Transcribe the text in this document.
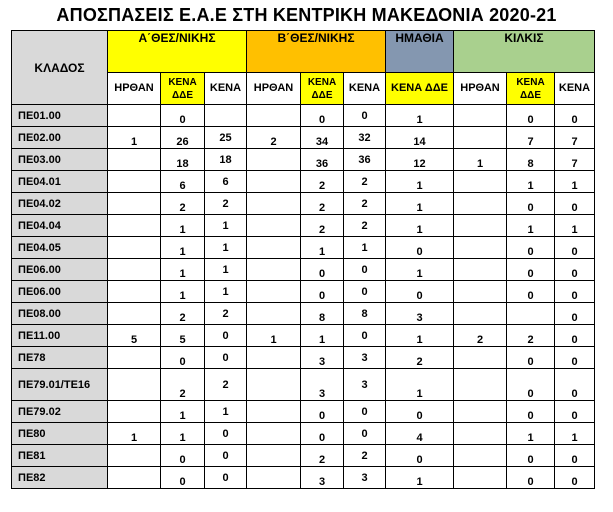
ΑΠΟΣΠΑΣΕΙΣ Ε.Α.Ε ΣΤΗ ΚΕΝΤΡΙΚΗ ΜΑΚΕΔΟΝΙΑ 2020-21
ΚΛΑΔΟΣ	Α΄ΘΕΣ/ΝΙΚΗΣ			Β΄ΘΕΣ/ΝΙΚΗΣ			ΗΜΑΘΙΑ	ΚΙΛΚΙΣ		
	ΗΡΘΑΝ	ΚΕΝΑ ΔΔΕ	ΚΕΝΑ	ΗΡΘΑΝ	ΚΕΝΑ ΔΔΕ	ΚΕΝΑ	ΚΕΝΑ ΔΔΕ	ΗΡΘΑΝ	ΚΕΝΑ ΔΔΕ	ΚΕΝΑ
ΠΕ01.00		0			0	0	1		0	0
ΠΕ02.00	1	26	25	2	34	32	14		7	7
ΠΕ03.00		18	18		36	36	12	1	8	7
ΠΕ04.01		6	6		2	2	1		1	1
ΠΕ04.02		2	2		2	2	1		0	0
ΠΕ04.04		1	1		2	2	1		1	1
ΠΕ04.05		1	1		1	1	0		0	0
ΠΕ06.00		1	1		0	0	1		0	0
ΠΕ06.00		1	1		0	0	0		0	0
ΠΕ08.00		2	2		8	8	3			0
ΠΕ11.00	5	5	0	1	1	0	1	2	2	0
ΠΕ78		0	0		3	3	2		0	0
ΠΕ79.01/ΤΕ16		2	2		3	3	1		0	0
ΠΕ79.02		1	1		0	0	0		0	0
ΠΕ80	1	1	0		0	0	4		1	1
ΠΕ81		0	0		2	2	0		0	0
ΠΕ82		0	0		3	3	1		0	0
